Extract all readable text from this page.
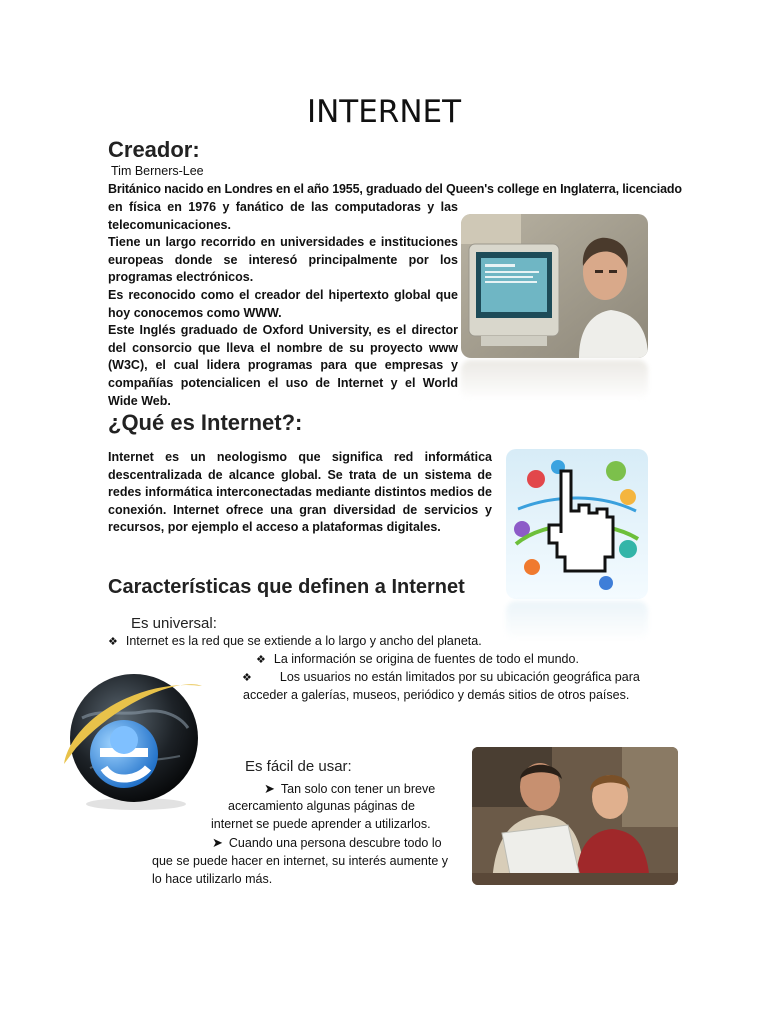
INTERNET
Creador:
Tim Berners-Lee
Británico nacido en Londres en el año 1955, graduado del Queen's college en Inglaterra, licenciado

en física en 1976 y fanático de las computadoras y las telecomunicaciones.

Tiene un largo recorrido en universidades e instituciones europeas donde se interesó principalmente por los programas electrónicos.

Es reconocido como el creador del hipertexto global que hoy conocemos como WWW.

Este Inglés graduado de Oxford University, es el director del consorcio que lleva el nombre de su proyecto www (W3C), el cual lidera programas para que empresas y compañías potencialicen el uso de Internet y el World Wide Web.

¿Qué es Internet?:
Internet es un neologismo que significa red informática descentralizada de alcance global. Se trata de un sistema de redes informática interconectadas mediante distintos medios de conexión. Internet ofrece una gran diversidad de servicios y recursos, por ejemplo el acceso a plataformas digitales.
Características que definen a Internet
Es universal:
❖ Internet es la red que se extiende a lo largo y ancho del planeta.
❖ La información se origina de fuentes de todo el mundo.
❖ Los usuarios no están limitados por su ubicación geográfica para
acceder a galerías, museos, periódico y demás sitios de otros países.
Es fácil de usar:
➤ Tan solo con tener un breve
acercamiento algunas páginas de
internet se puede aprender a utilizarlos.
➤ Cuando una persona descubre todo lo
que se puede hacer en internet, su interés aumente y
lo hace utilizarlo más.
